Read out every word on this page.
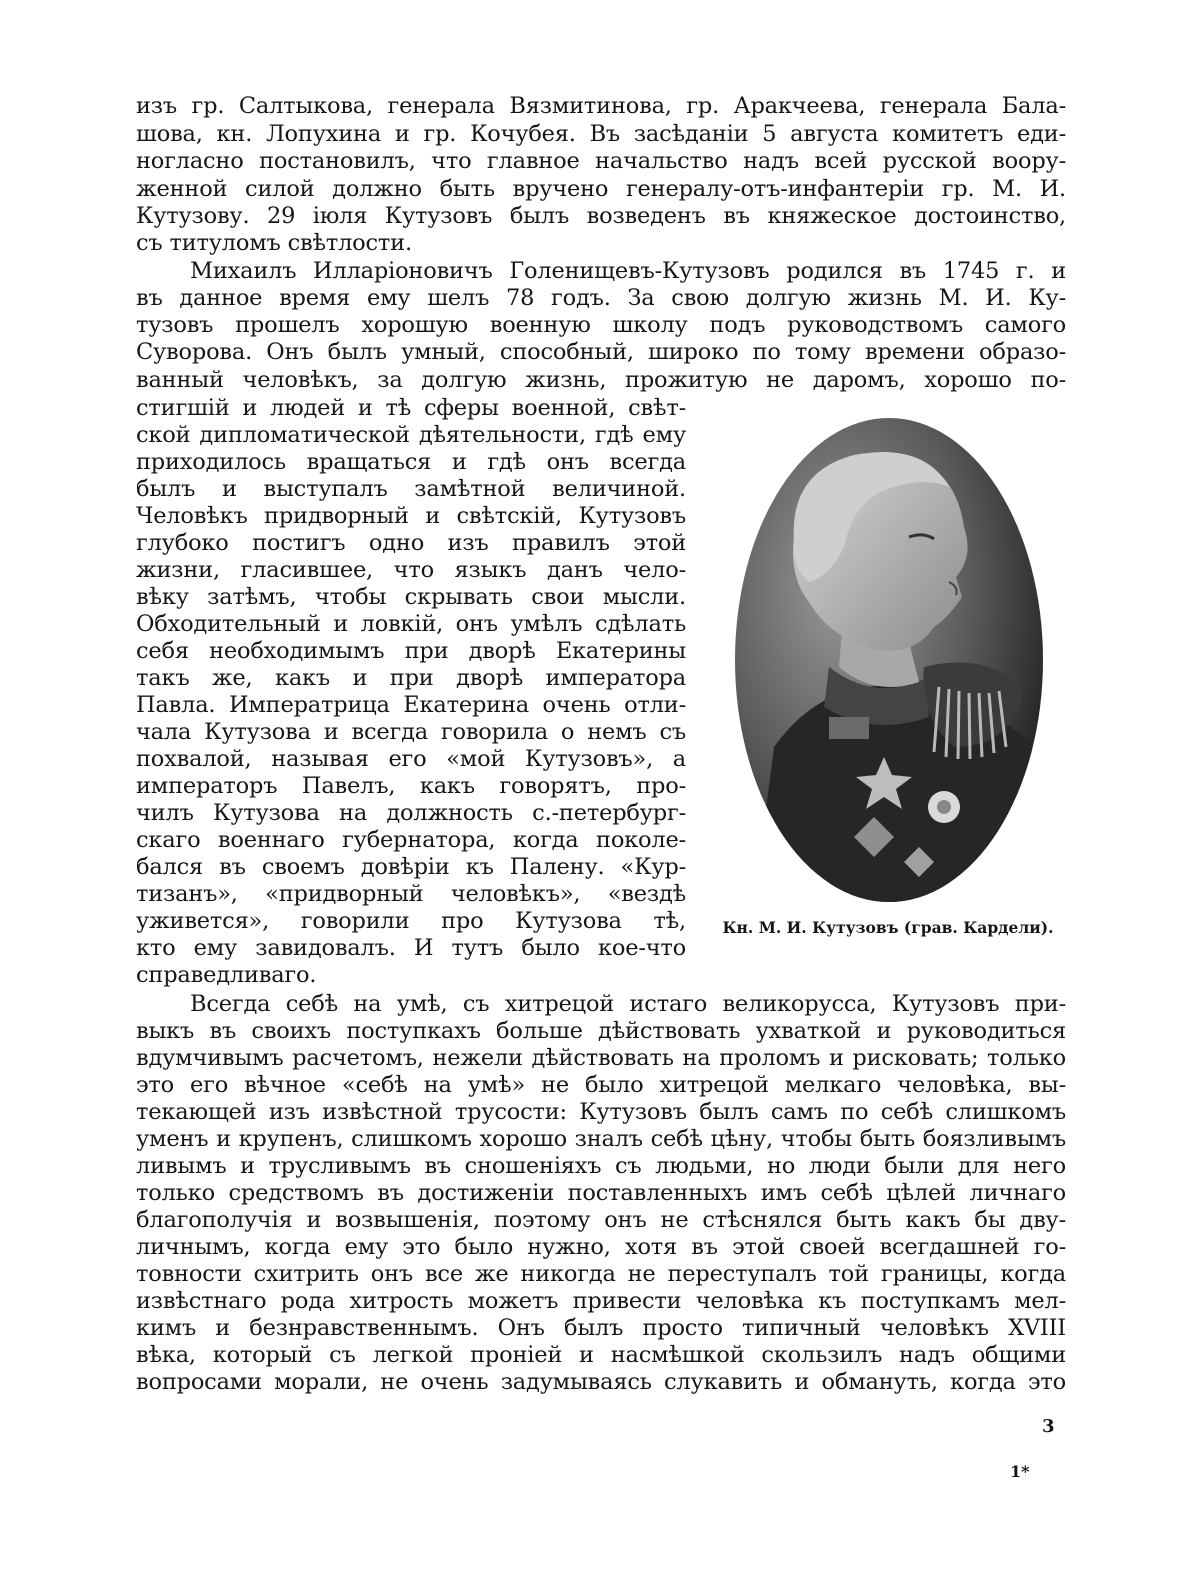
изъ гр. Салтыкова, генерала Вязмитинова, гр. Аракчеева, генерала Бала-
шова, кн. Лопухина и гр. Кочубея. Въ засѣданіи 5 августа комитетъ еди-
ногласно постановилъ, что главное начальство надъ всей русской воору-
женной силой должно быть вручено генералу-отъ-инфантеріи гр. М. И.
Кутузову. 29 іюля Кутузовъ былъ возведенъ въ княжеское достоинство,
съ титуломъ свѣтлости.
Михаилъ Илларіоновичъ Голенищевъ-Кутузовъ родился въ 1745 г. и
въ данное время ему шелъ 78 годъ. За свою долгую жизнь М. И. Ку-
тузовъ прошелъ хорошую военную школу подъ руководствомъ самого
Суворова. Онъ былъ умный, способный, широко по тому времени образо-
ванный человѣкъ, за долгую жизнь, прожитую не даромъ, хорошо по-
стигшій и людей и тѣ сферы военной, свѣт-
ской дипломатической дѣятельности, гдѣ ему
приходилось вращаться и гдѣ онъ всегда
былъ и выступалъ замѣтной величиной.
Человѣкъ придворный и свѣтскій, Кутузовъ
глубоко постигъ одно изъ правилъ этой
жизни, гласившее, что языкъ данъ чело-
вѣку затѣмъ, чтобы скрывать свои мысли.
Обходительный и ловкій, онъ умѣлъ сдѣлать
себя необходимымъ при дворѣ Екатерины
такъ же, какъ и при дворѣ императора
Павла. Императрица Екатерина очень отли-
чала Кутузова и всегда говорила о немъ съ
похвалой, называя его «мой Кутузовъ», а
императоръ Павелъ, какъ говорятъ, про-
чилъ Кутузова на должность с.-петербург-
скаго военнаго губернатора, когда поколе-
бался въ своемъ довѣріи къ Палену. «Кур-
тизанъ», «придворный человѣкъ», «вездѣ
уживется», говорили про Кутузова тѣ,
кто ему завидовалъ. И тутъ было кое-что
справедливаго.
Кн. М. И. Кутузовъ (грав. Кардели).
Всегда себѣ на умѣ, съ хитрецой истаго великорусса, Кутузовъ при-
выкъ въ своихъ поступкахъ больше дѣйствовать ухваткой и руководиться
вдумчивымъ расчетомъ, нежели дѣйствовать на проломъ и рисковать; только
это его вѣчное «себѣ на умѣ» не было хитрецой мелкаго человѣка, вы-
текающей изъ извѣстной трусости: Кутузовъ былъ самъ по себѣ слишкомъ
уменъ и крупенъ, слишкомъ хорошо зналъ себѣ цѣну, чтобы быть боязливымъ
ливымъ и трусливымъ въ сношеніяхъ съ людьми, но люди были для него
только средствомъ въ достиженіи поставленныхъ имъ себѣ цѣлей личнаго
благополучія и возвышенія, поэтому онъ не стѣснялся быть какъ бы дву-
личнымъ, когда ему это было нужно, хотя въ этой своей всегдашней го-
товности схитрить онъ все же никогда не переступалъ той границы, когда
извѣстнаго рода хитрость можетъ привести человѣка къ поступкамъ мел-
кимъ и безнравственнымъ. Онъ былъ просто типичный человѣкъ XVIII
вѣка, который съ легкой проніей и насмѣшкой скользилъ надъ общими
вопросами морали, не очень задумываясь слукавить и обмануть, когда это
3
1*
